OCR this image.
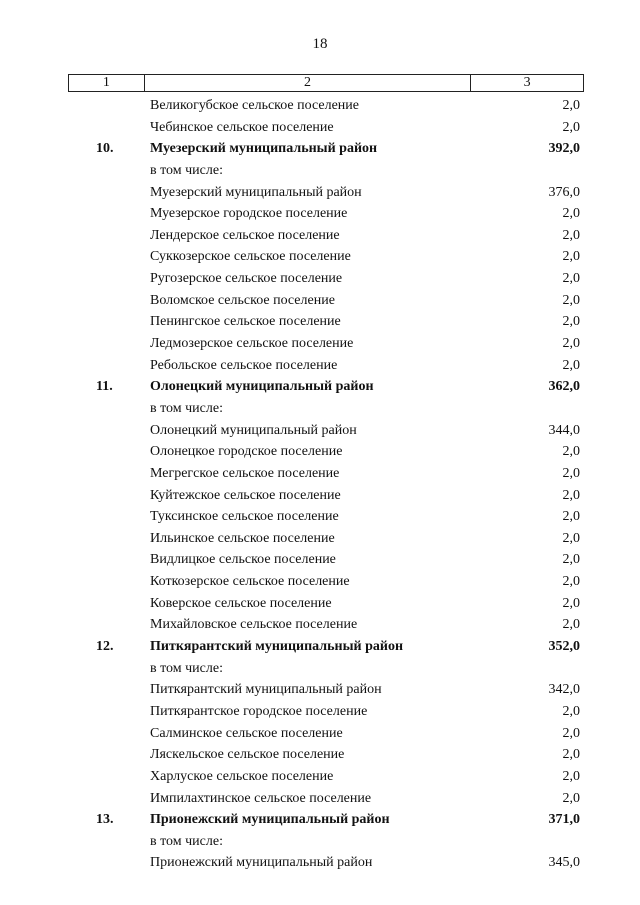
18
1	2	3
Великогубское сельское поселение	2,0
Чебинское сельское поселение	2,0
10.	Муезерский муниципальный район	392,0
в том числе:
Муезерский муниципальный район	376,0
Муезерское городское поселение	2,0
Лендерское сельское поселение	2,0
Суккозерское сельское поселение	2,0
Ругозерское сельское поселение	2,0
Воломское сельское поселение	2,0
Пенингское сельское поселение	2,0
Ледмозерское сельское поселение	2,0
Ребольское сельское поселение	2,0
11.	Олонецкий муниципальный район	362,0
в том числе:
Олонецкий муниципальный район	344,0
Олонецкое городское поселение	2,0
Мегрегское сельское поселение	2,0
Куйтежское сельское поселение	2,0
Туксинское сельское поселение	2,0
Ильинское сельское поселение	2,0
Видлицкое сельское поселение	2,0
Коткозерское сельское поселение	2,0
Коверское сельское поселение	2,0
Михайловское сельское поселение	2,0
12.	Питкярантский муниципальный район	352,0
в том числе:
Питкярантский муниципальный район	342,0
Питкярантское городское поселение	2,0
Салминское сельское поселение	2,0
Ляскельское сельское поселение	2,0
Харлуское сельское поселение	2,0
Импилахтинское сельское поселение	2,0
13.	Прионежский муниципальный район	371,0
в том числе:
Прионежский муниципальный район	345,0
